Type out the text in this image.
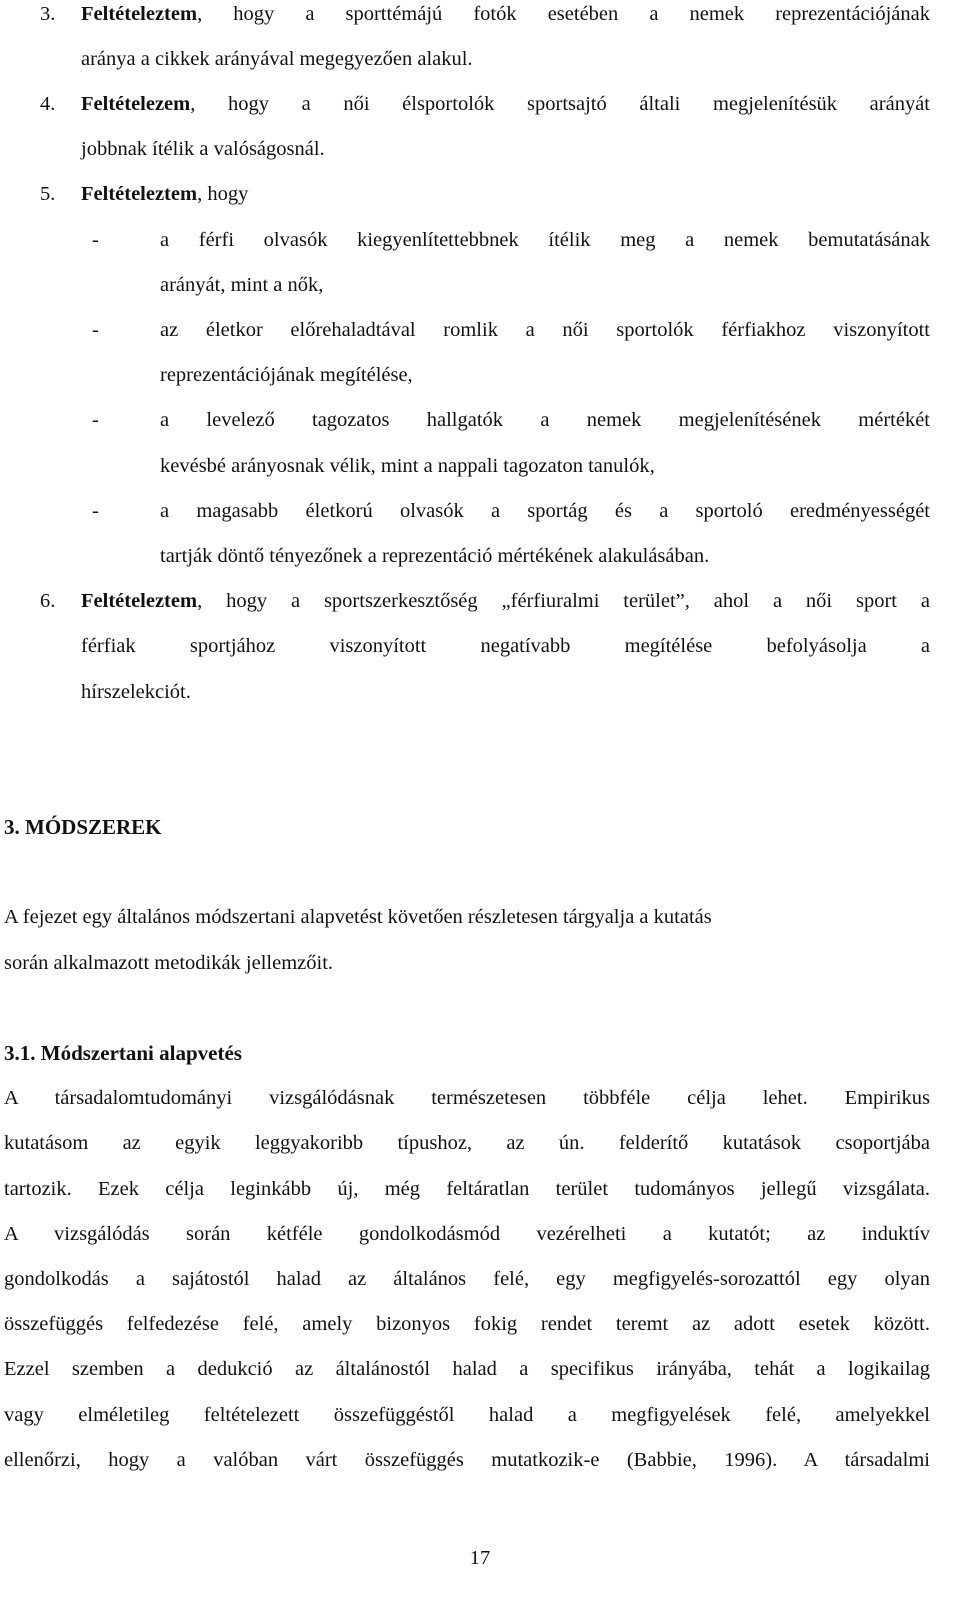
3. Feltételeztem, hogy a sporttémájú fotók esetében a nemek reprezentációjának
aránya a cikkek arányával megegyezően alakul.
4. Feltételezem, hogy a női élsportolók sportsajtó általi megjelenítésük arányát
jobbnak ítélik a valóságosnál.
5. Feltételeztem, hogy
-	a férfi olvasók kiegyenlítettebbnek ítélik meg a nemek bemutatásának
arányát, mint a nők,
-	az életkor előrehaladtával romlik a női sportolók férfiakhoz viszonyított
reprezentációjának megítélése,
-	a levelező tagozatos hallgatók a nemek megjelenítésének mértékét
kevésbé arányosnak vélik, mint a nappali tagozaton tanulók,
-	a magasabb életkorú olvasók a sportág és a sportoló eredményességét
tartják döntő tényezőnek a reprezentáció mértékének alakulásában.
6. Feltételeztem, hogy a sportszerkesztőség „férfiuralmi terület”, ahol a női sport a
férfiak sportjához viszonyított negatívabb megítélése befolyásolja a
hírszelekciót.
3. MÓDSZEREK
A fejezet egy általános módszertani alapvetést követően részletesen tárgyalja a kutatás
során alkalmazott metodikák jellemzőit.
3.1. Módszertani alapvetés
A társadalomtudományi vizsgálódásnak természetesen többféle célja lehet. Empirikus
kutatásom az egyik leggyakoribb típushoz, az ún. felderítő kutatások csoportjába
tartozik. Ezek célja leginkább új, még feltáratlan terület tudományos jellegű vizsgálata.
A vizsgálódás során kétféle gondolkodásmód vezérelheti a kutatót; az induktív
gondolkodás a sajátostól halad az általános felé, egy megfigyelés-sorozattól egy olyan
összefüggés felfedezése felé, amely bizonyos fokig rendet teremt az adott esetek között.
Ezzel szemben a dedukció az általánostól halad a specifikus irányába, tehát a logikailag
vagy elméletileg feltételezett összefüggéstől halad a megfigyelések felé, amelyekkel
ellenőrzi, hogy a valóban várt összefüggés mutatkozik-e (Babbie, 1996). A társadalmi
17
